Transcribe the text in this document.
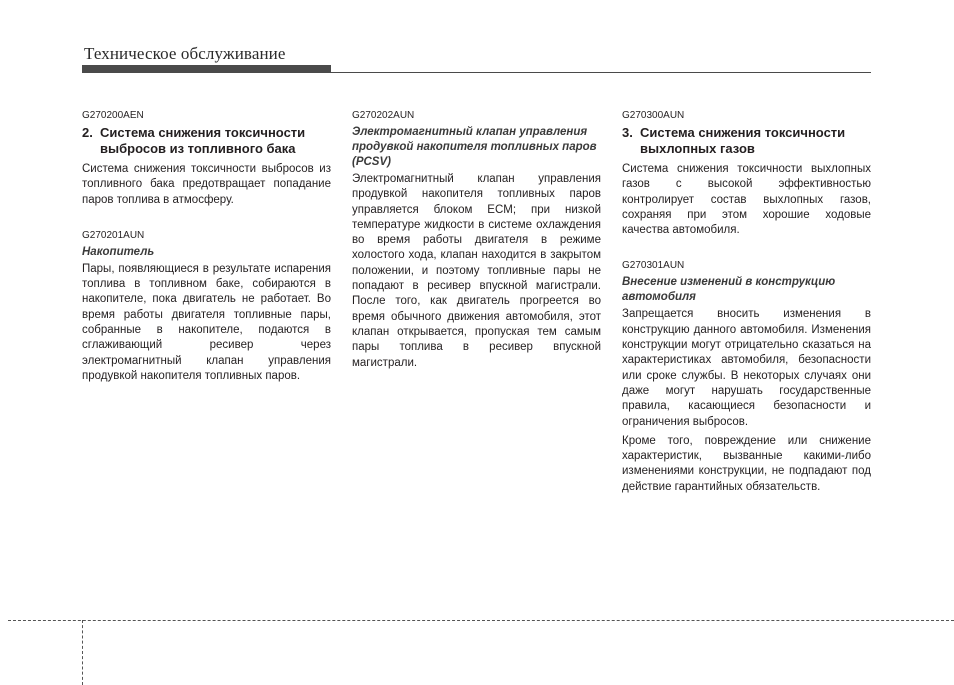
Техническое обслуживание

G270200AEN

2. Система снижения токсичности выбросов из топливного бака

Система снижения токсичности выбросов из топливного бака предотвращает попадание паров топлива в атмосферу.

G270201AUN

Накопитель

Пары, появляющиеся в результате испарения топлива в топливном баке, собираются в накопителе, пока двигатель не работает. Во время работы двигателя топливные пары, собранные в накопителе, подаются в сглаживающий ресивер через электромагнитный клапан управления продувкой накопителя топливных паров.

G270202AUN

Электромагнитный клапан управления продувкой накопителя топливных паров (PCSV)

Электромагнитный клапан управления продувкой накопителя топливных паров управляется блоком ECM; при низкой температуре жидкости в системе охлаждения во время работы двигателя в режиме холостого хода, клапан находится в закрытом положении, и поэтому топливные пары не попадают в ресивер впускной магистрали. После того, как двигатель прогреется во время обычного движения автомобиля, этот клапан открывается, пропуская тем самым пары топлива в ресивер впускной магистрали.

G270300AUN

3. Система снижения токсичности выхлопных газов

Система снижения токсичности выхлопных газов с высокой эффективностью контролирует состав выхлопных газов, сохраняя при этом хорошие ходовые качества автомобиля.

G270301AUN

Внесение изменений в конструкцию автомобиля

Запрещается вносить изменения в конструкцию данного автомобиля. Изменения конструкции могут отрицательно сказаться на характеристиках автомобиля, безопасности или сроке службы. В некоторых случаях они даже могут нарушать государственные правила, касающиеся безопасности и ограничения выбросов.

Кроме того, повреждение или снижение характеристик, вызванные какими-либо изменениями конструкции, не подпадают под действие гарантийных обязательств.
